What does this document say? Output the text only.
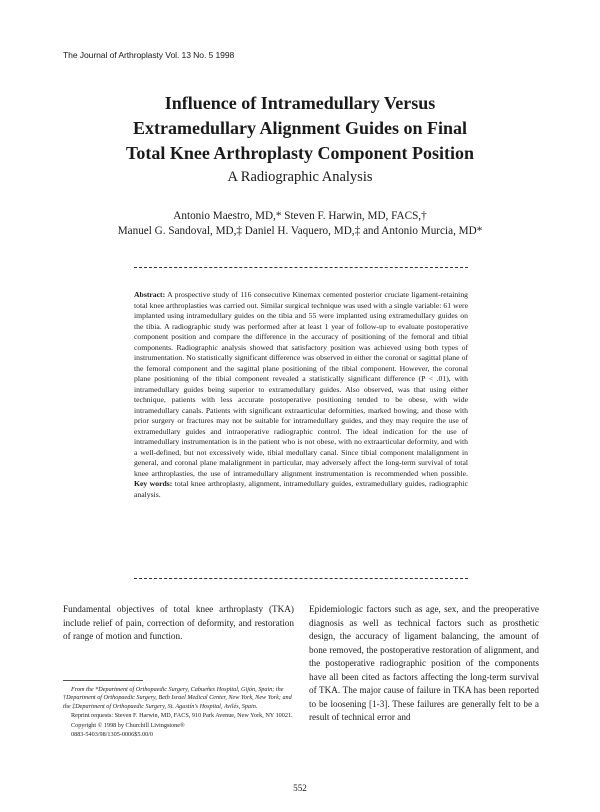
The Journal of Arthroplasty Vol. 13 No. 5 1998
Influence of Intramedullary Versus
Extramedullary Alignment Guides on Final
Total Knee Arthroplasty Component Position
A Radiographic Analysis
Antonio Maestro, MD,* Steven F. Harwin, MD, FACS,†
Manuel G. Sandoval, MD,‡ Daniel H. Vaquero, MD,‡ and Antonio Murcia, MD*
Abstract: A prospective study of 116 consecutive Kinemax cemented posterior cruciate ligament-retaining total knee arthroplasties was carried out. Similar surgical technique was used with a single variable: 61 were implanted using intramedullary guides on the tibia and 55 were implanted using extramedullary guides on the tibia. A radiographic study was performed after at least 1 year of follow-up to evaluate postoperative component position and compare the difference in the accuracy of positioning of the femoral and tibial components. Radiographic analysis showed that satisfactory position was achieved using both types of instrumentation. No statistically significant difference was observed in either the coronal or sagittal plane of the femoral component and the sagittal plane positioning of the tibial component. However, the coronal plane positioning of the tibial component revealed a statistically significant difference (P < .01), with intramedullary guides being superior to extramedullary guides. Also observed, was that using either technique, patients with less accurate postoperative positioning tended to be obese, with wide intramedullary canals. Patients with significant extraarticular deformities, marked bowing, and those with prior surgery or fractures may not be suitable for intramedullary guides, and they may require the use of extramedullary guides and intraoperative radiographic control. The ideal indication for the use of intramedullary instrumentation is in the patient who is not obese, with no extraarticular deformity, and with a well-defined, but not excessively wide, tibial medullary canal. Since tibial component malalignment in general, and coronal plane malalignment in particular, may adversely affect the long-term survival of total knee arthroplasties, the use of intramedullary alignment instrumentation is recommended when possible. Key words: total knee arthroplasty, alignment, intramedullary guides, extramedullary guides, radiographic analysis.
Fundamental objectives of total knee arthroplasty (TKA) include relief of pain, correction of deformity, and restoration of range of motion and function.

From the *Department of Orthopaedic Surgery, Cabueñes Hospital, Gijón, Spain; the †Department of Orthopaedic Surgery, Beth Israel Medical Center, New York, New York; and the ‡Department of Orthopaedic Surgery, St. Agustín's Hospital, Avilés, Spain.

Reprint requests: Steven F. Harwin, MD, FACS, 910 Park Avenue, New York, NY 10021.

Copyright © 1998 by Churchill Livingstone®

0883-5403/98/1305-0006$5.00/0

Epidemiologic factors such as age, sex, and the preoperative diagnosis as well as technical factors such as prosthetic design, the accuracy of ligament balancing, the amount of bone removed, the postoperative restoration of alignment, and the postoperative radiographic position of the components have all been cited as factors affecting the long-term survival of TKA. The major cause of failure in TKA has been reported to be loosening [1-3]. These failures are generally felt to be a result of technical error and
552
